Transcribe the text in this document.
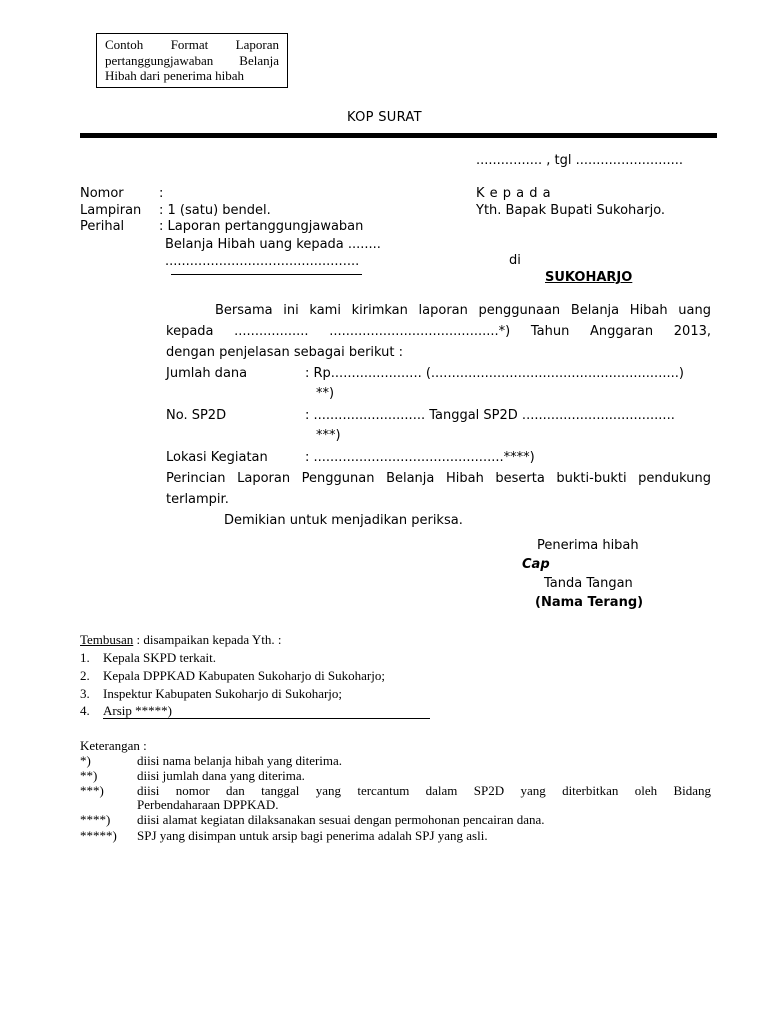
Contoh Format Laporan
pertanggungjawaban Belanja
Hibah dari penerima hibah
KOP SURAT
................ , tgl ..........................
Nomor	:
Lampiran : 1 (satu) bendel.
Perihal	: Laporan pertanggungjawaban
Belanja Hibah uang kepada ........
...............................................
K e p a d a
Yth. Bapak Bupati Sukoharjo.
di
SUKOHARJO
Bersama ini kami kirimkan laporan penggunaan Belanja Hibah uang
kepada .................. .........................................*) Tahun Anggaran 2013,
dengan penjelasan sebagai berikut :
Jumlah dana	: Rp...................... (............................................................)
**)
No. SP2D	: ........................... Tanggal SP2D .....................................
***)
Lokasi Kegiatan	: ..............................................****)
Perincian Laporan Penggunan Belanja Hibah beserta bukti-bukti pendukung
terlampir.
Demikian untuk menjadikan periksa.
Penerima hibah
Cap
Tanda Tangan
(Nama Terang)
Tembusan : disampaikan kepada Yth. :
1. Kepala SKPD terkait.
2. Kepala DPPKAD Kabupaten Sukoharjo di Sukoharjo;
3. Inspektur Kabupaten Sukoharjo di Sukoharjo;
4. Arsip *****)
Keterangan :
*)	diisi nama belanja hibah yang diterima.
**)	diisi jumlah dana yang diterima.
***)	diisi nomor dan tanggal yang tercantum dalam SP2D yang diterbitkan oleh Bidang
Perbendaharaan DPPKAD.
****) diisi alamat kegiatan dilaksanakan sesuai dengan permohonan pencairan dana.
*****) SPJ yang disimpan untuk arsip bagi penerima adalah SPJ yang asli.
